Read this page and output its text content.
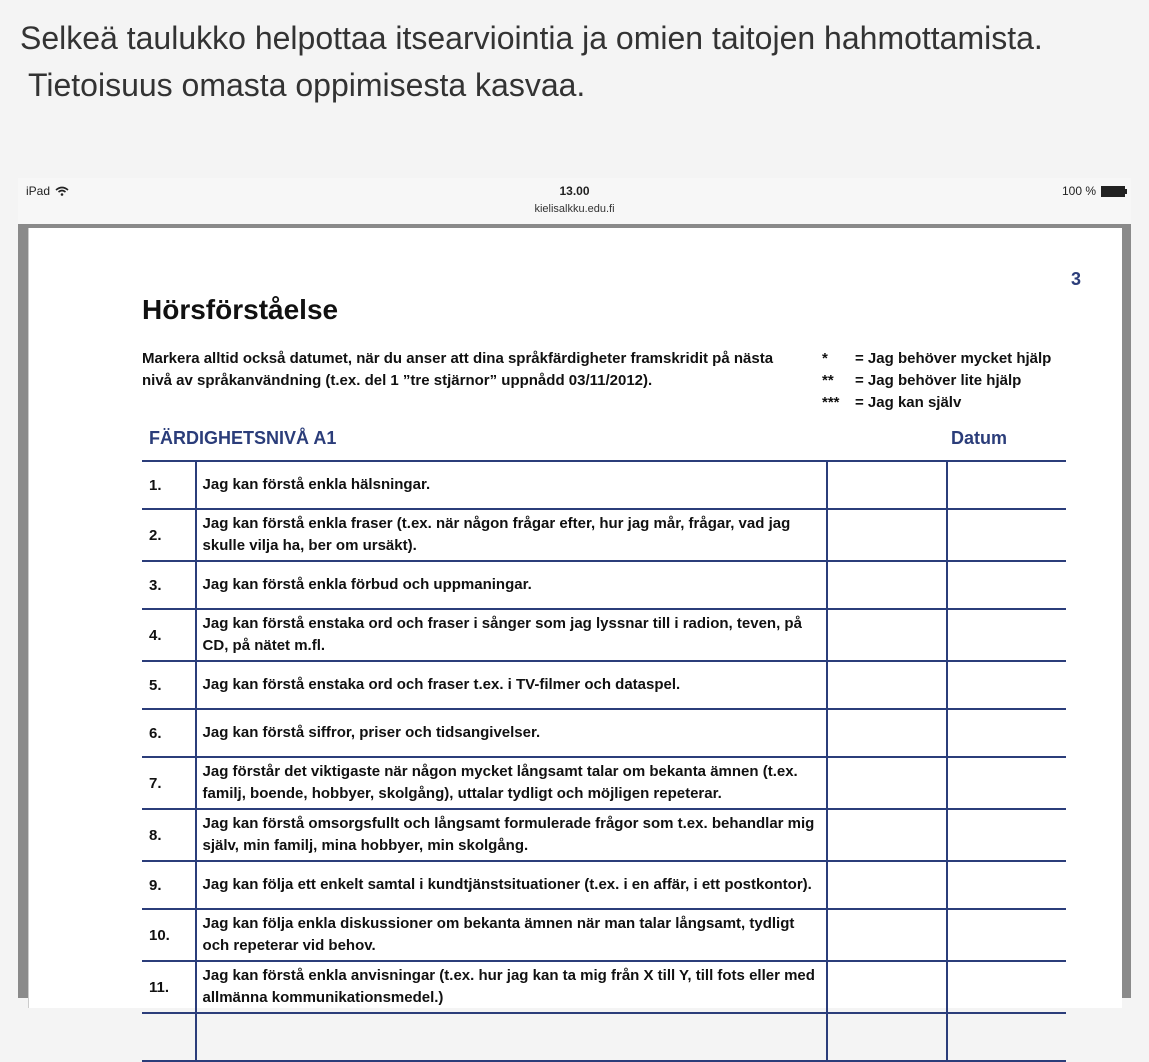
Selkeä taulukko helpottaa itsearviointia ja omien taitojen hahmottamista.
Tietoisuus omasta oppimisesta kasvaa.
iPad	13.00
kielisalkku.edu.fi
100 %
3
Hörsförståelse
Markera alltid också datumet, när du anser att dina språkfärdigheter framskridit på nästa nivå av språkanvändning (t.ex. del 1 ”tre stjärnor” uppnådd 03/11/2012).
* = Jag behöver mycket hjälp
** = Jag behöver lite hjälp
*** = Jag kan själv
FÄRDIGHETSNIVÅ A1	Datum
1.	Jag kan förstå enkla hälsningar.		
2.	Jag kan förstå enkla fraser (t.ex. när någon frågar efter, hur jag mår, frågar, vad jag skulle vilja ha, ber om ursäkt).		
3.	Jag kan förstå enkla förbud och uppmaningar.		
4.	Jag kan förstå enstaka ord och fraser i sånger som jag lyssnar till i radion, teven, på CD, på nätet m.fl.		
5.	Jag kan förstå enstaka ord och fraser t.ex. i TV-filmer och dataspel.		
6.	Jag kan förstå siffror, priser och tidsangivelser.		
7.	Jag förstår det viktigaste när någon mycket långsamt talar om bekanta ämnen (t.ex. familj, boende, hobbyer, skolgång), uttalar tydligt och möjligen repeterar.		
8.	Jag kan förstå omsorgsfullt och långsamt formulerade frågor som t.ex. behandlar mig själv, min familj, mina hobbyer, min skolgång.		
9.	Jag kan följa ett enkelt samtal i kundtjänstsituationer (t.ex. i en affär, i ett postkontor).		
10.	Jag kan följa enkla diskussioner om bekanta ämnen när man talar långsamt, tydligt och repeterar vid behov.		
11.	Jag kan förstå enkla anvisningar (t.ex. hur jag kan ta mig från X till Y, till fots eller med allmänna kommunikationsmedel.)		
